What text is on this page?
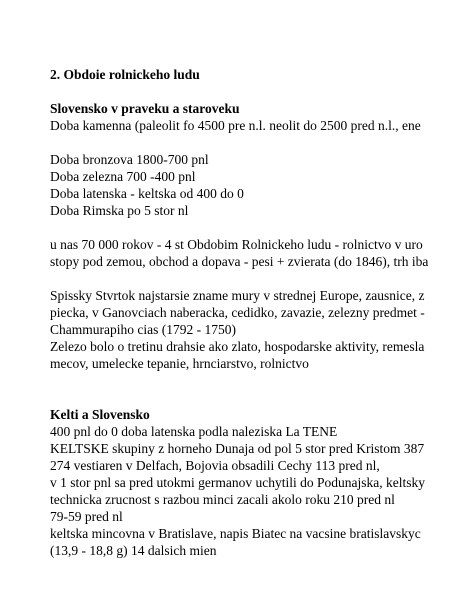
2. Obdoie rolnickeho ludu
Slovensko v praveku a staroveku
Doba kamenna (paleolit fo 4500 pre n.l. neolit do 2500 pred n.l., ene
Doba bronzova 1800-700 pnl
Doba zelezna 700 -400 pnl
Doba latenska - keltska od 400 do 0
Doba Rimska po 5 stor nl
u nas 70 000 rokov - 4 st Obdobim Rolnickeho ludu - rolnictvo v uro
stopy pod zemou, obchod a dopava - pesi + zvierata (do 1846), trh iba
Spissky Stvrtok najstarsie zname mury v strednej Europe, zausnice, z
piecka, v Ganovciach naberacka, cedidko, zavazie, zelezny predmet -
Chammurapiho cias (1792 - 1750)
Zelezo bolo o tretinu drahsie ako zlato, hospodarske aktivity, remesla
mecov, umelecke tepanie, hrnciarstvo, rolnictvo
Kelti a Slovensko
400 pnl do 0 doba latenska podla naleziska La TENE
KELTSKE skupiny z horneho Dunaja od pol 5 stor pred Kristom 387
274 vestiaren v Delfach, Bojovia obsadili Cechy 113 pred nl,
v 1 stor pnl sa pred utokmi germanov uchytili do Podunajska, keltsky
technicka zrucnost s razbou minci zacali akolo roku 210 pred nl
79-59 pred nl
keltska mincovna v Bratislave, napis Biatec na vacsine bratislavskyc
(13,9 - 18,8 g) 14 dalsich mien
